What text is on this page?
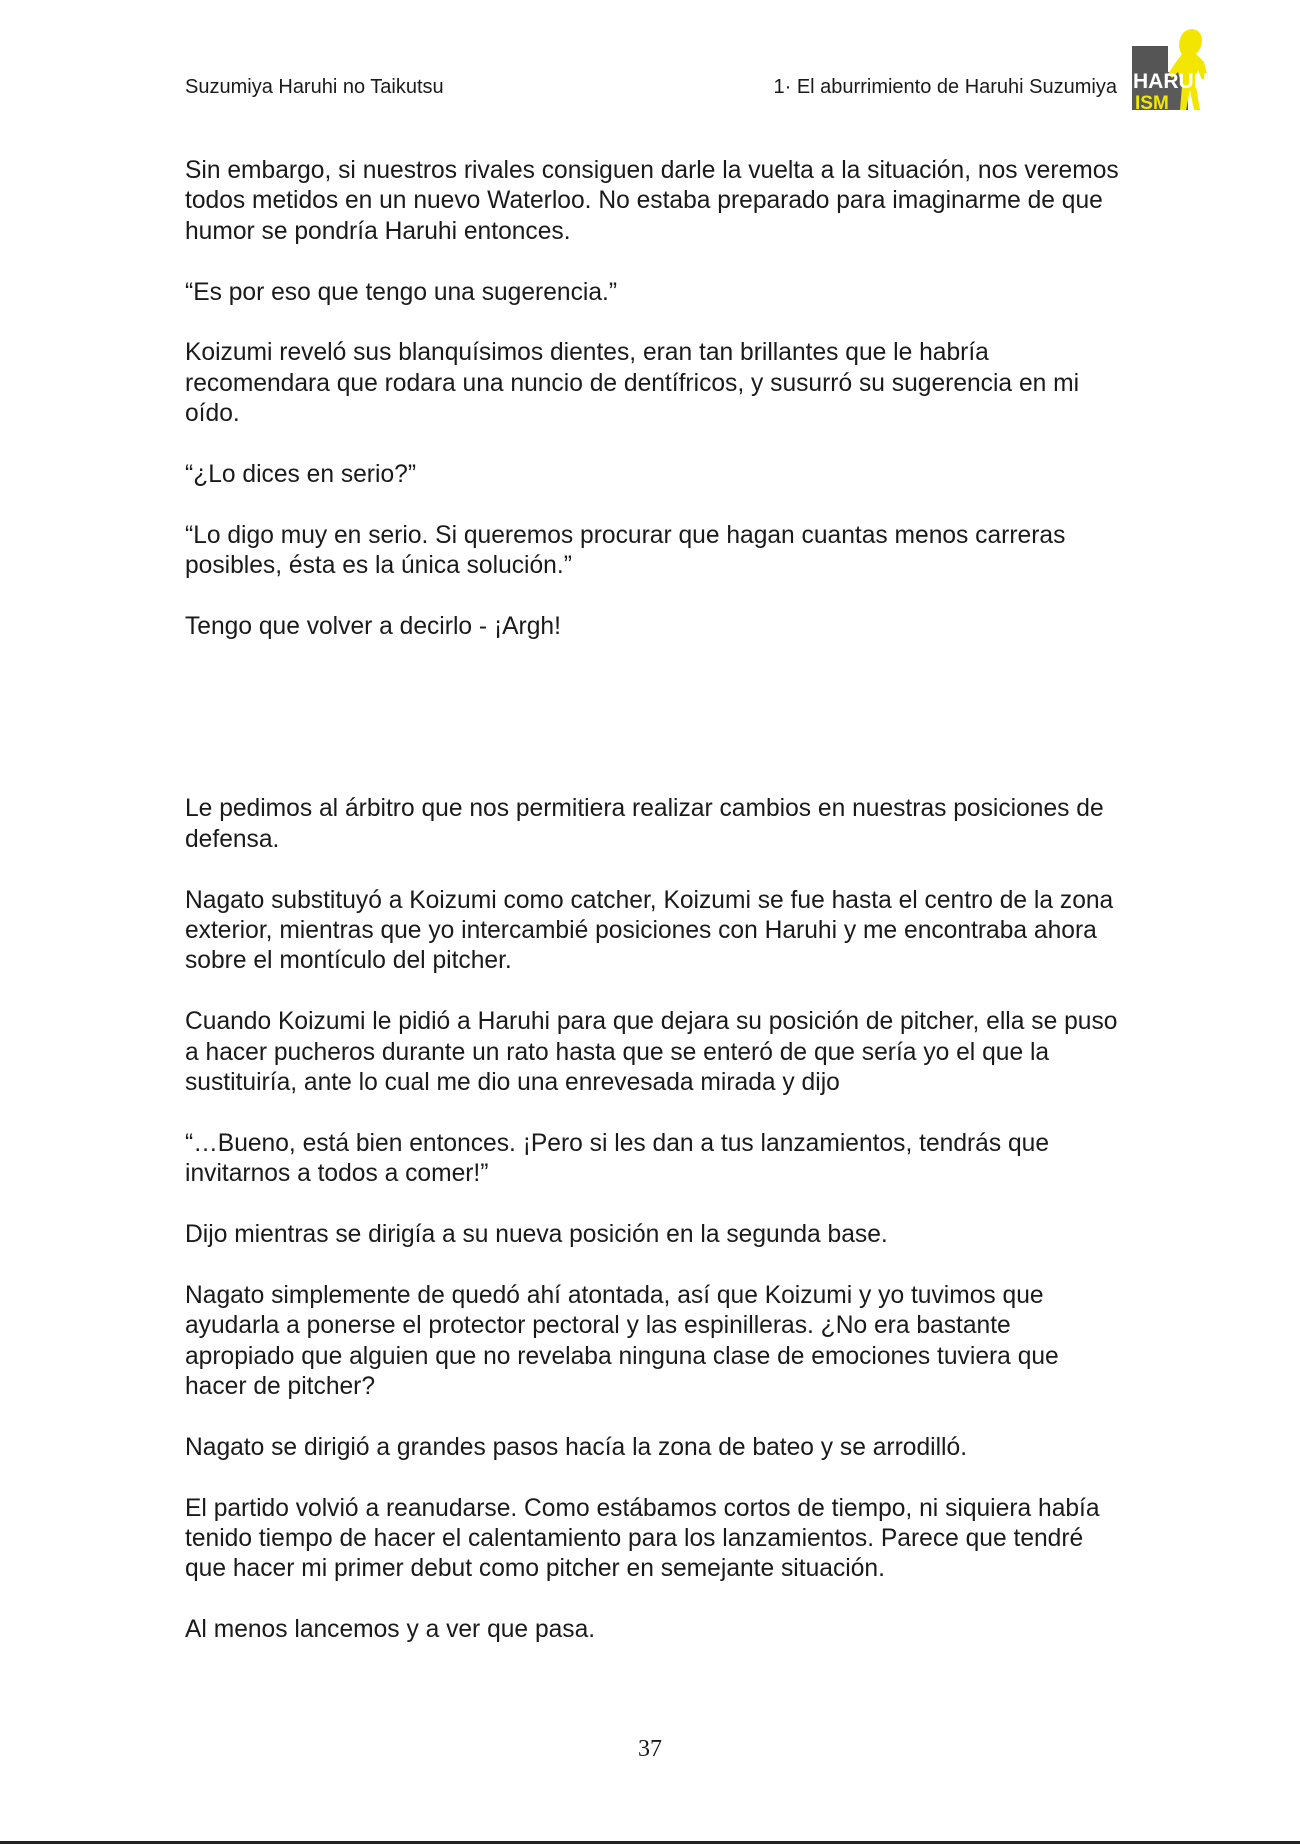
Suzumiya Haruhi no Taikutsu	1· El aburrimiento de Haruhi Suzumiya HARUHI
ISM

Sin embargo, si nuestros rivales consiguen darle la vuelta a la situación, nos veremos todos metidos en un nuevo Waterloo. No estaba preparado para imaginarme de que humor se pondría Haruhi entonces.

“Es por eso que tengo una sugerencia.”

Koizumi reveló sus blanquísimos dientes, eran tan brillantes que le habría recomendara que rodara una nuncio de dentífricos, y susurró su sugerencia en mi oído.

“¿Lo dices en serio?”

“Lo digo muy en serio. Si queremos procurar que hagan cuantas menos carreras posibles, ésta es la única solución.”

Tengo que volver a decirlo - ¡Argh!

Le pedimos al árbitro que nos permitiera realizar cambios en nuestras posiciones de defensa.

Nagato substituyó a Koizumi como catcher, Koizumi se fue hasta el centro de la zona exterior, mientras que yo intercambié posiciones con Haruhi y me encontraba ahora sobre el montículo del pitcher.

Cuando Koizumi le pidió a Haruhi para que dejara su posición de pitcher, ella se puso a hacer pucheros durante un rato hasta que se enteró de que sería yo el que la sustituiría, ante lo cual me dio una enrevesada mirada y dijo

“…Bueno, está bien entonces. ¡Pero si les dan a tus lanzamientos, tendrás que invitarnos a todos a comer!”

Dijo mientras se dirigía a su nueva posición en la segunda base.

Nagato simplemente de quedó ahí atontada, así que Koizumi y yo tuvimos que ayudarla a ponerse el protector pectoral y las espinilleras. ¿No era bastante apropiado que alguien que no revelaba ninguna clase de emociones tuviera que hacer de pitcher?

Nagato se dirigió a grandes pasos hacía la zona de bateo y se arrodilló.

El partido volvió a reanudarse. Como estábamos cortos de tiempo, ni siquiera había tenido tiempo de hacer el calentamiento para los lanzamientos. Parece que tendré que hacer mi primer debut como pitcher en semejante situación.

Al menos lancemos y a ver que pasa.

37
